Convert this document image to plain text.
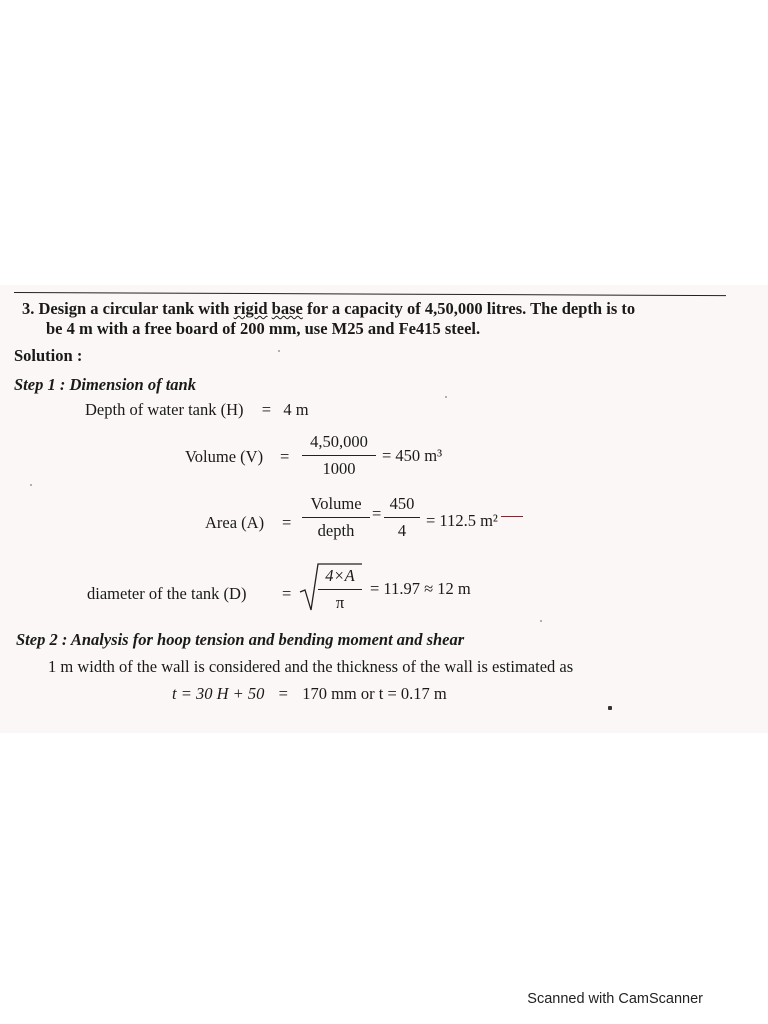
3. Design a circular tank with rigid base for a capacity of 4,50,000 litres. The depth is to
be 4 m with a free board of 200 mm, use M25 and Fe415 steel.
Solution :
Step 1 : Dimension of tank
Depth of water tank (H) = 4 m
Volume $(V) = \frac{4,50,000}{1000} = 450$ m³
Area (A) =
Volume
depth
= $\frac{450}{4} = 112.5$ m²
diameter of the tank $(D) = \frac{4\times A}{\pi} = 11.97 \approx 12$ m
Step 2 : Analysis for hoop tension and bending moment and shear
1 m width of the wall is considered and the thickness of the wall is estimated as
t = 30 H + 50 = 170 mm or t = 0.17 m
Scanned with CamScanner
